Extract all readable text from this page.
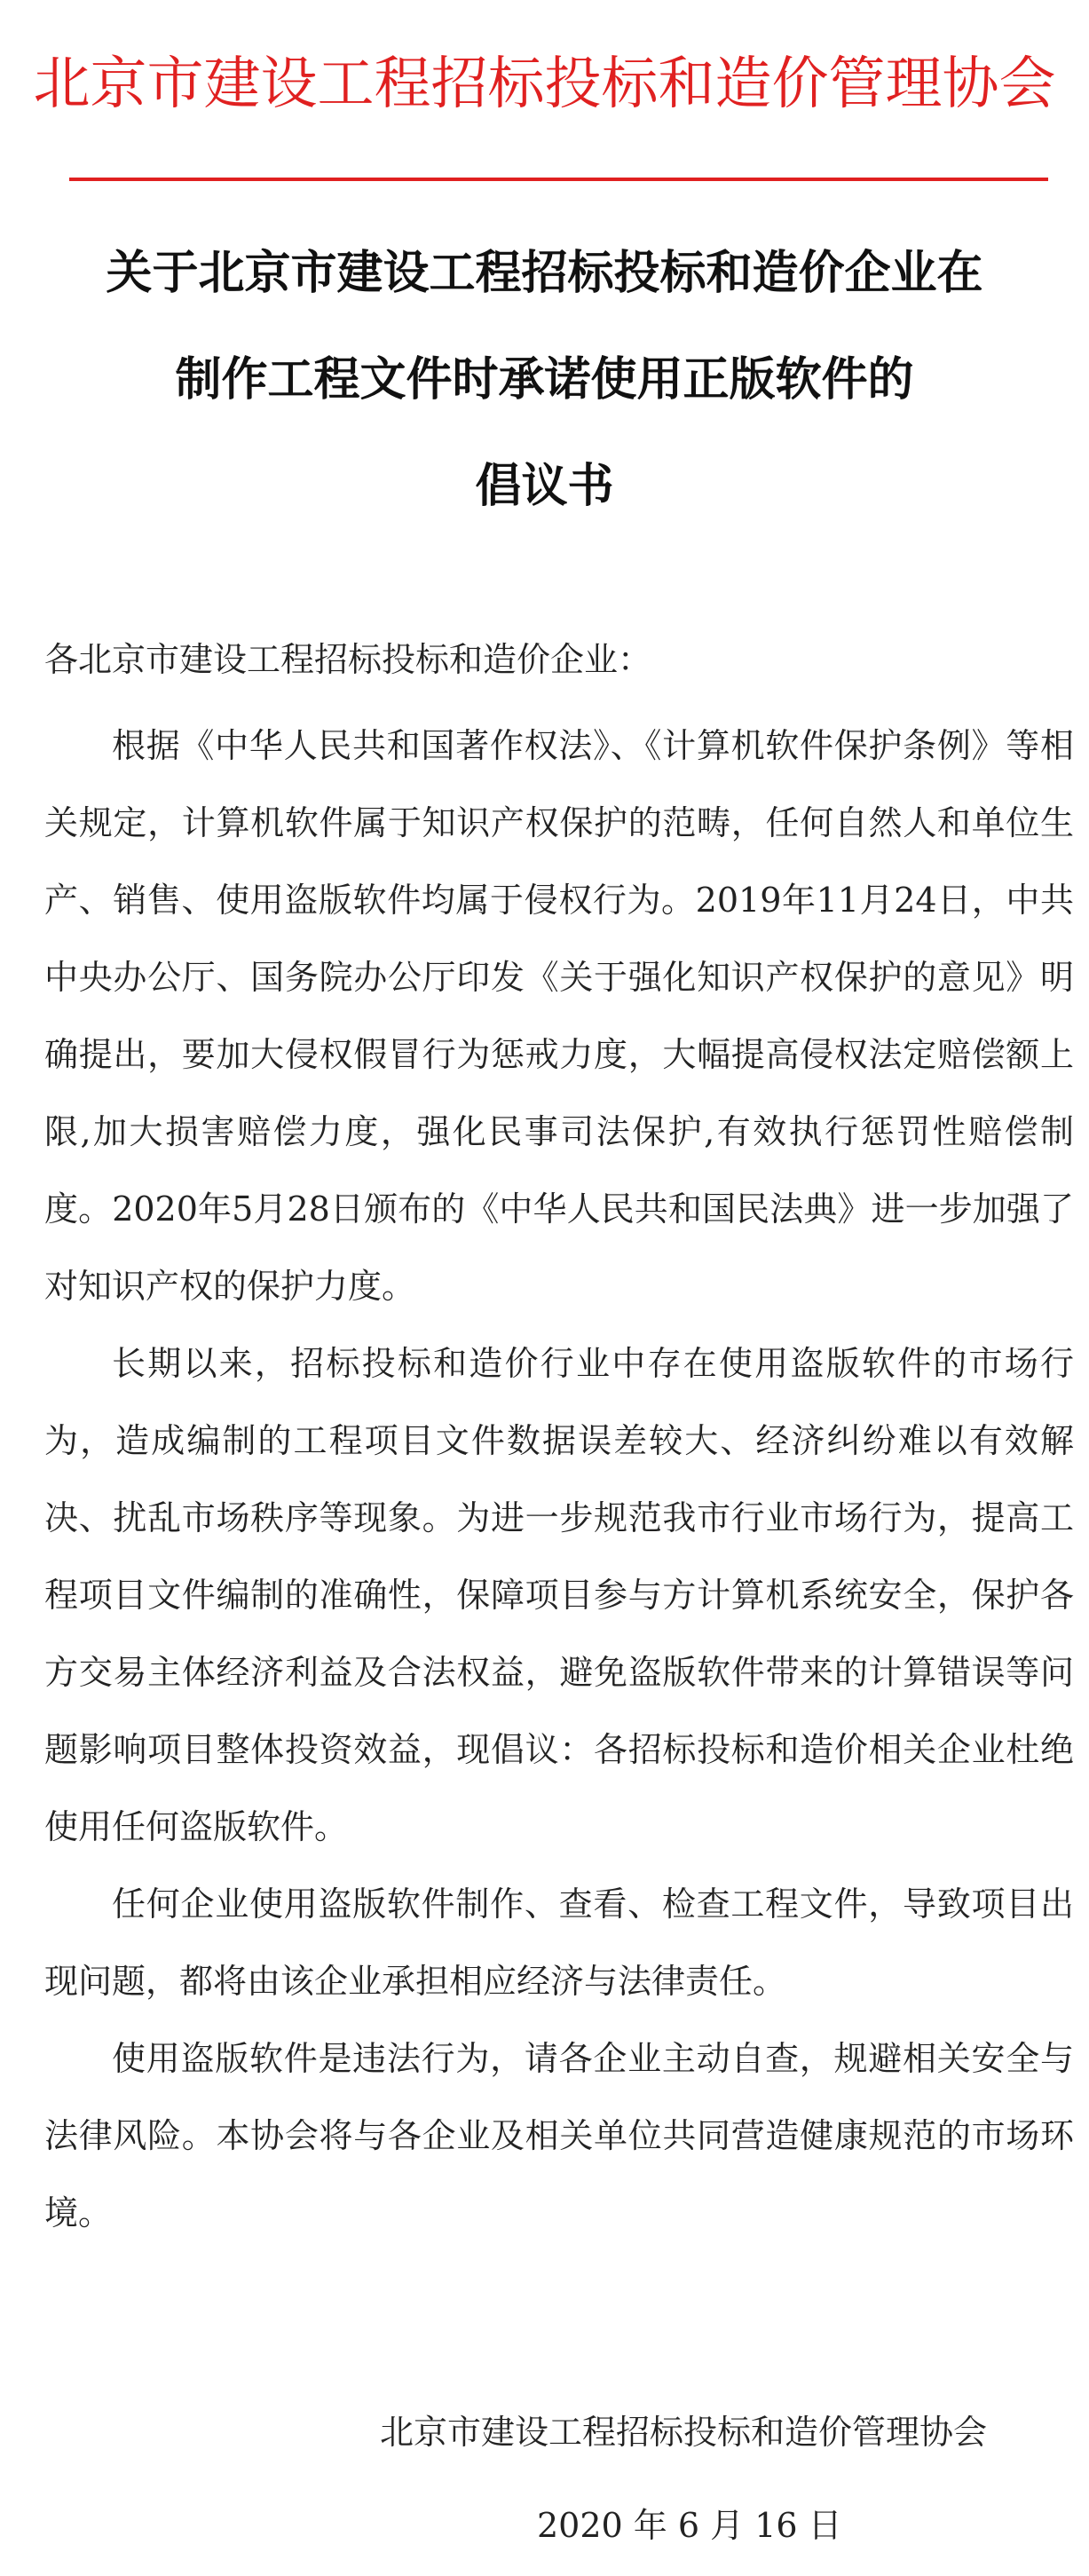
北京市建设工程招标投标和造价管理协会
关于北京市建设工程招标投标和造价企业在
制作工程文件时承诺使用正版软件的
倡议书

各北京市建设工程招标投标和造价企业：

根据《中华人民共和国著作权法》、《计算机软件保护条例》等相关规定，计算机软件属于知识产权保护的范畴，任何自然人和单位生产、销售、使用盗版软件均属于侵权行为。2019年11月24日，中共中央办公厅、国务院办公厅印发《关于强化知识产权保护的意见》明确提出，要加大侵权假冒行为惩戒力度，大幅提高侵权法定赔偿额上限,加大损害赔偿力度，强化民事司法保护,有效执行惩罚性赔偿制度。2020年5月28日颁布的《中华人民共和国民法典》进一步加强了对知识产权的保护力度。

长期以来，招标投标和造价行业中存在使用盗版软件的市场行为，造成编制的工程项目文件数据误差较大、经济纠纷难以有效解决、扰乱市场秩序等现象。为进一步规范我市行业市场行为，提高工程项目文件编制的准确性，保障项目参与方计算机系统安全，保护各方交易主体经济利益及合法权益，避免盗版软件带来的计算错误等问题影响项目整体投资效益，现倡议：各招标投标和造价相关企业杜绝使用任何盗版软件。

任何企业使用盗版软件制作、查看、检查工程文件，导致项目出现问题，都将由该企业承担相应经济与法律责任。

使用盗版软件是违法行为，请各企业主动自查，规避相关安全与法律风险。本协会将与各企业及相关单位共同营造健康规范的市场环境。

北京市建设工程招标投标和造价管理协会
2020 年 6 月 16 日
